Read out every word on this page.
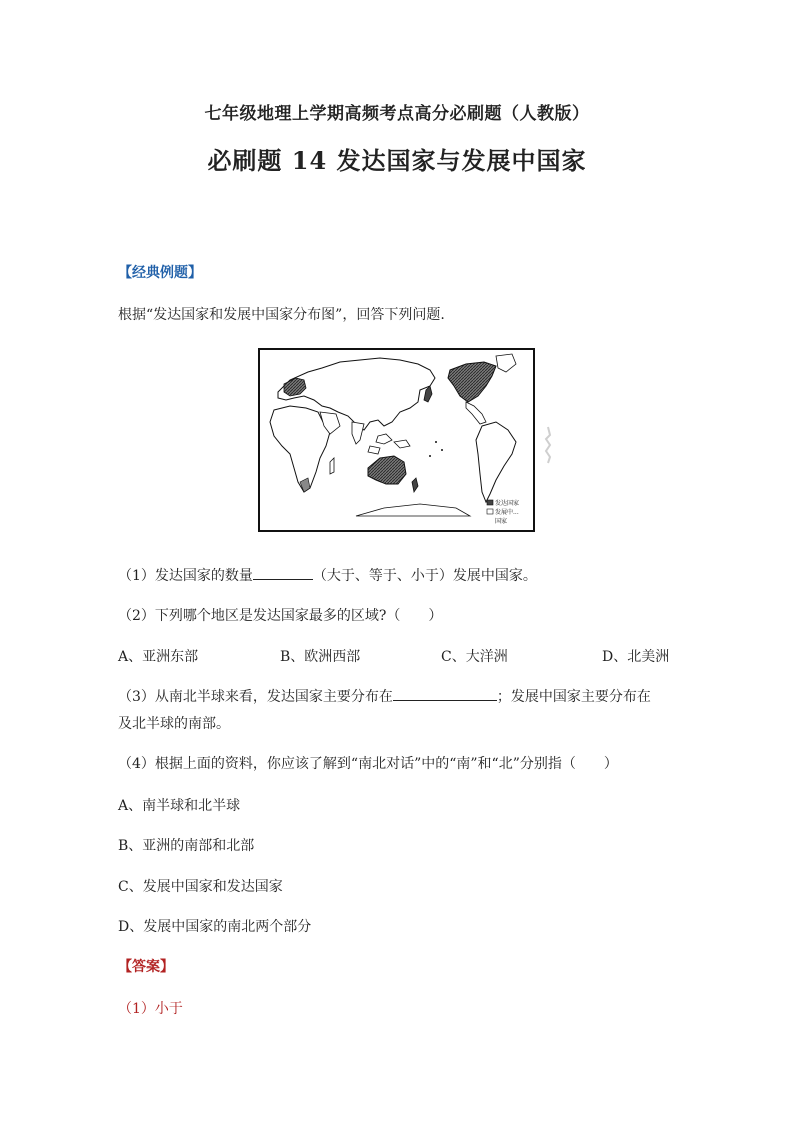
七年级地理上学期高频考点高分必刷题（人教版）
必刷题 14 发达国家与发展中国家
【经典例题】
根据“发达国家和发展中国家分布图”，回答下列问题.
发达国家
发展中...
国家
（1）发达国家的数量	（大于、等于、小于）发展中国家。
（2）下列哪个地区是发达国家最多的区域?（　　）
A、亚洲东部	B、欧洲西部	C、大洋洲	D、北美洲
（3）从南北半球来看，发达国家主要分布在	；发展中国家主要分布在
及北半球的南部。
（4）根据上面的资料，你应该了解到“南北对话”中的“南”和“北”分别指（　　）
A、南半球和北半球
B、亚洲的南部和北部
C、发展中国家和发达国家
D、发展中国家的南北两个部分
【答案】
（1）小于
